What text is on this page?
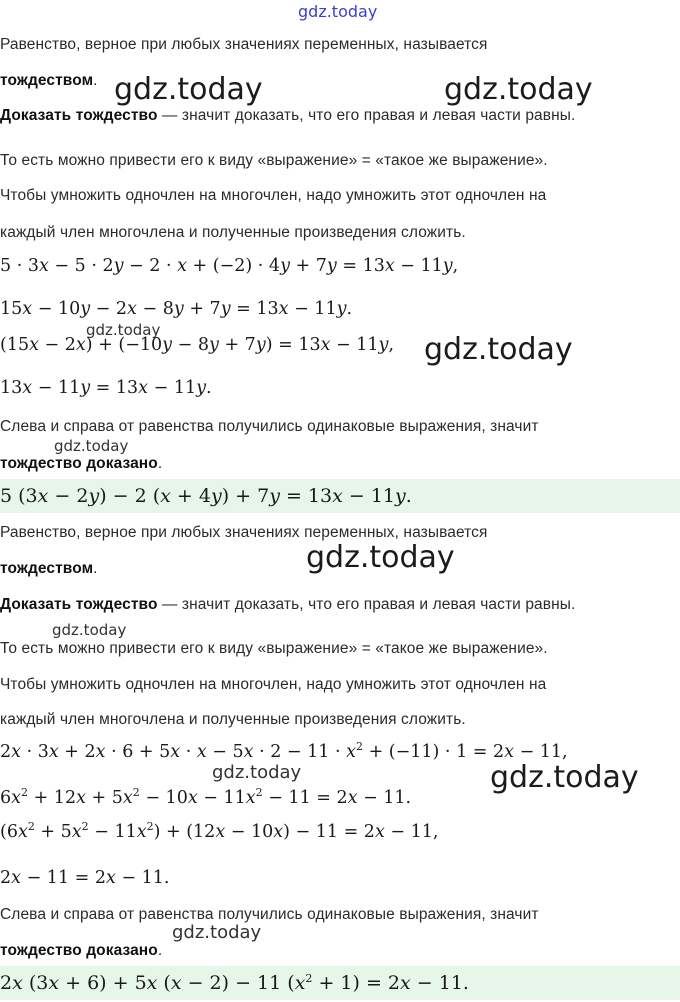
gdz.today
Равенство, верное при любых значениях переменных, называется
тождеством.
Доказать тождество — значит доказать, что его правая и левая части равны.
То есть можно привести его к виду «выражение» = «такое же выражение».
Чтобы умножить одночлен на многочлен, надо умножить этот одночлен на
каждый член многочлена и полученные произведения сложить.
5 · 3x − 5 · 2y − 2 · x + (−2) · 4y + 7y = 13x − 11y,
15x − 10y − 2x − 8y + 7y = 13x − 11y.
(15x − 2x) + (−10y − 8y + 7y) = 13x − 11y,
13x − 11y = 13x − 11y.
Слева и справа от равенства получились одинаковые выражения, значит
тождество доказано.
5 (3x − 2y) − 2 (x + 4y) + 7y = 13x − 11y.
Равенство, верное при любых значениях переменных, называется
тождеством.
Доказать тождество — значит доказать, что его правая и левая части равны.
То есть можно привести его к виду «выражение» = «такое же выражение».
Чтобы умножить одночлен на многочлен, надо умножить этот одночлен на
каждый член многочлена и полученные произведения сложить.
$2x \cdot 3x + 2x \cdot 6 + 5x \cdot x - 5x \cdot 2 - 11 \cdot x^2 + (-11) \cdot 1 = 2x - 11$,
$6x^2 + 12x + 5x^2 - 10x - 11x^2 - 11 = 2x - 11$.
$(6x^2 + 5x^2 - 11x^2) + (12x - 10x) - 11 = 2x - 11$,
2x − 11 = 2x − 11.
Слева и справа от равенства получились одинаковые выражения, значит
тождество доказано.
2x (3x + 6) + 5x (x − 2) − 11 $(x^2 + 1) = 2x - 11$.
gdz.today	gdz.today
gdz.today
gdz.today
gdz.today
gdz.today
gdz.today
gdz.today	gdz.today
gdz.today
